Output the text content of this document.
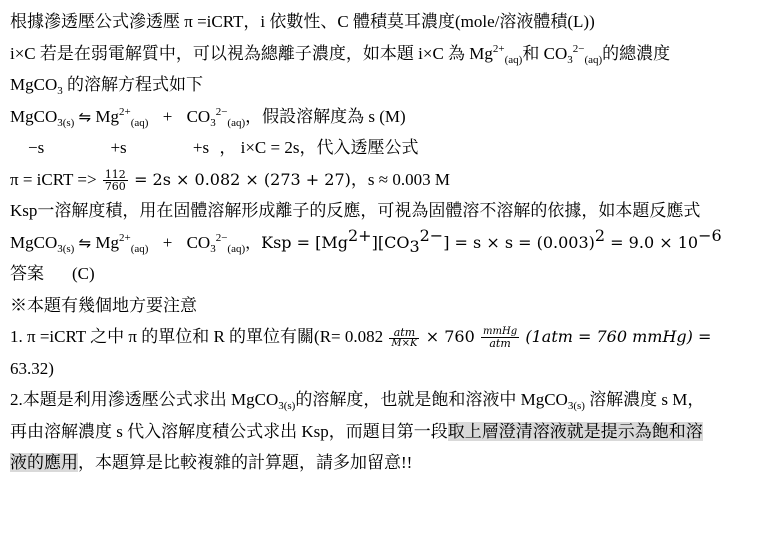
根據滲透壓公式滲透壓 π =iCRT，i 依數性、C 體積莫耳濃度(mole/溶液體積(L))
i×C 若是在弱電解質中，可以視為總離子濃度，如本題 i×C 為 $Mg^{2+}_{(aq)}$和 $CO_3^{2-}_{(aq)}$的總濃度
MgCO$_3$ 的溶解方程式如下
MgCO$_{3(s)}$ ⇋ $Mg^{2+}_{(aq)} + CO_3^{2-}_{(aq)}$，假設溶解度為 s (M)
−s	+s	+s ， i×C = 2s，代入透壓公式
π = iCRT => $\frac{112}{760} = 2s \times 0.082 \times (273 + 27)$，s ≈ 0.003 M
Ksp一溶解度積，用在固體溶解形成離子的反應，可視為固體溶不溶解的依據，如本題反應式
MgCO$_{3(s)}$ ⇋ $Mg^{2+}_{(aq)} + CO_3^{2-}_{(aq)}$，Ksp = $[Mg^{2+}][CO_3^{2-}] = s \times s = (0.003)^2 = 9.0 \times 10^{-6}$
答案 (C)
※本題有幾個地方要注意
1. π =iCRT 之中 π 的單位和 R 的單位有關($R= 0.082 \frac{\text{atm}}{M\times K} \times 760 \frac{\text{mmHg}}{\text{atm}} (1atm = 760$ mmHg) =
63.32)
2.本題是利用滲透壓公式求出 MgCO$_{3(s)}$的溶解度，也就是飽和溶液中 MgCO$_{3(s)}$ 溶解濃度 s M，
再由溶解濃度 s 代入溶解度積公式求出 Ksp，而題目第一段取上層澄清溶液就是提示為飽和溶
液的應用，本題算是比較複雜的計算題，請多加留意!!
